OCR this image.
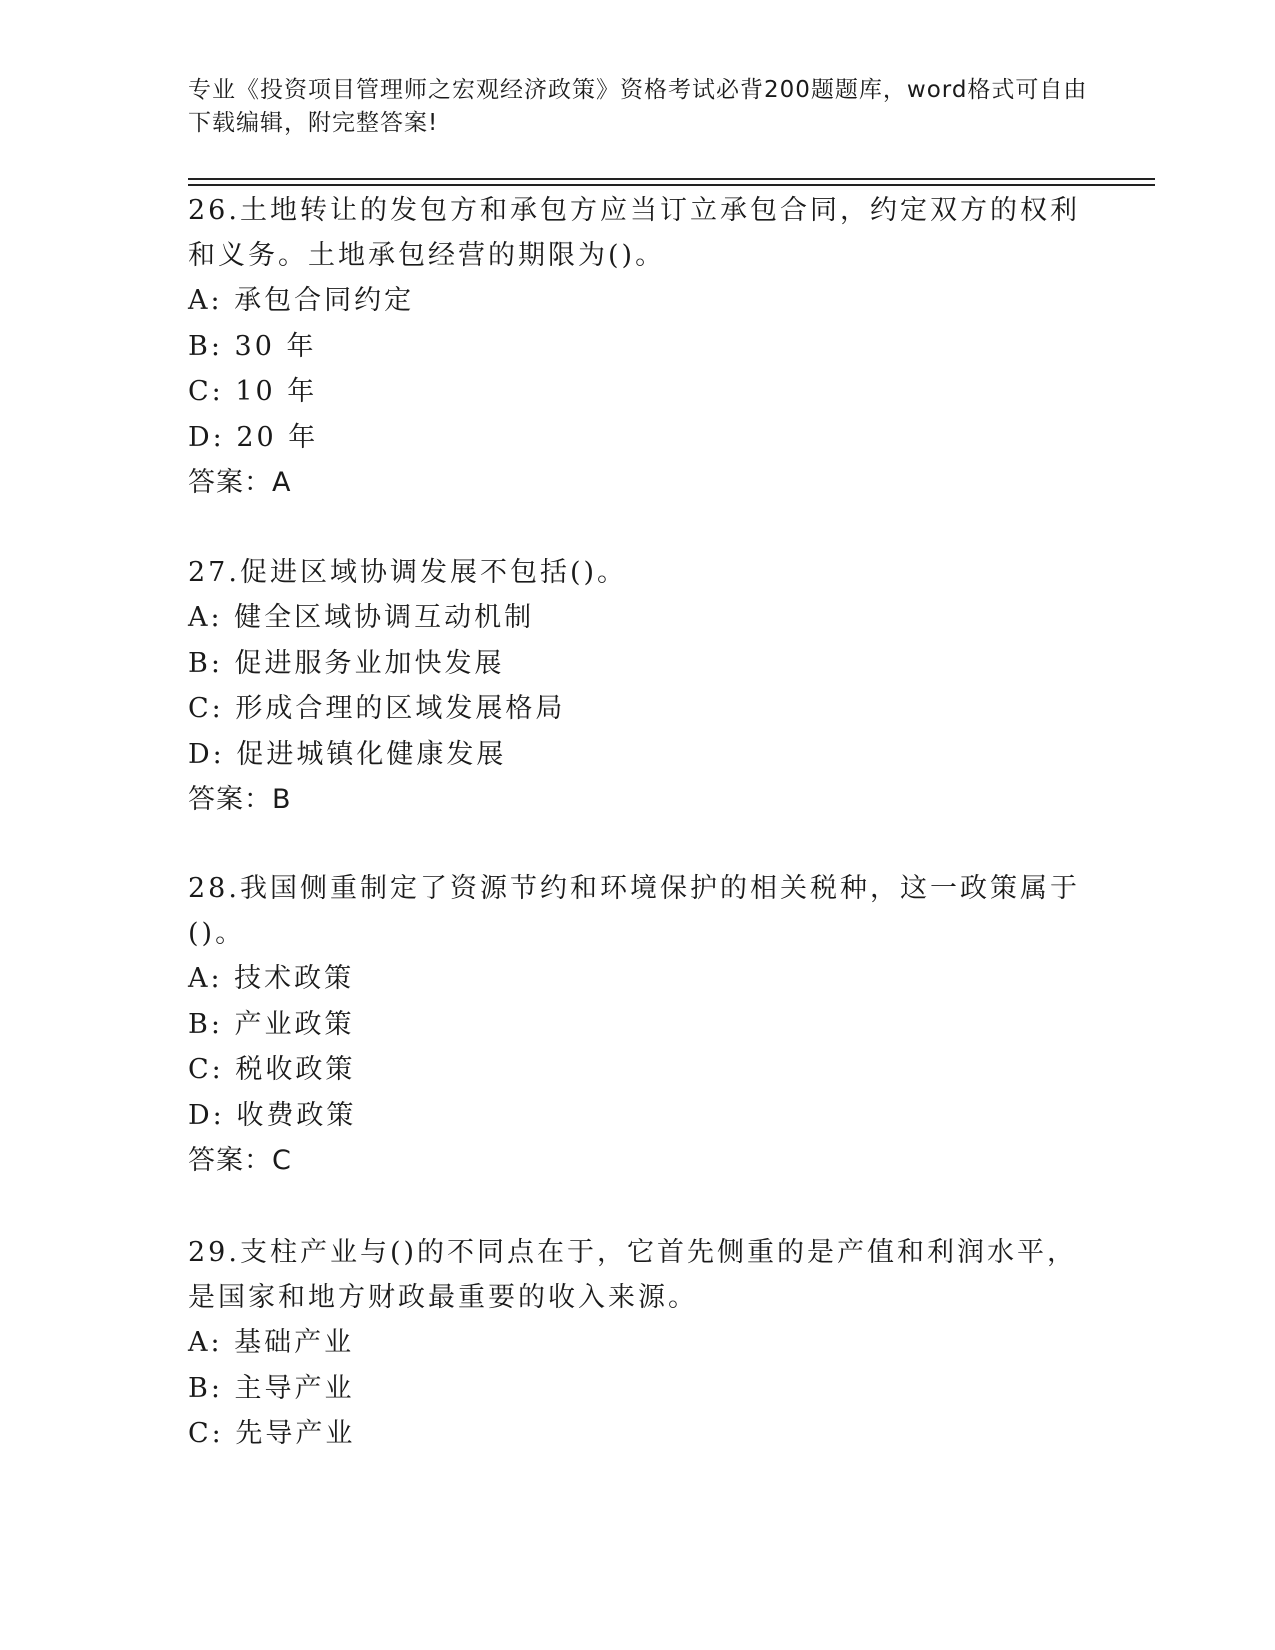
专业《投资项目管理师之宏观经济政策》资格考试必背200题题库，word格式可自由下载编辑，附完整答案!
26.土地转让的发包方和承包方应当订立承包合同，约定双方的权利和义务。土地承包经营的期限为()。
A: 承包合同约定
B: 30 年
C: 10 年
D: 20 年
答案：A
27.促进区域协调发展不包括()。
A: 健全区域协调互动机制
B: 促进服务业加快发展
C: 形成合理的区域发展格局
D: 促进城镇化健康发展
答案：B
28.我国侧重制定了资源节约和环境保护的相关税种，这一政策属于()。
A: 技术政策
B: 产业政策
C: 税收政策
D: 收费政策
答案：C
29.支柱产业与()的不同点在于，它首先侧重的是产值和利润水平，是国家和地方财政最重要的收入来源。
A: 基础产业
B: 主导产业
C: 先导产业
